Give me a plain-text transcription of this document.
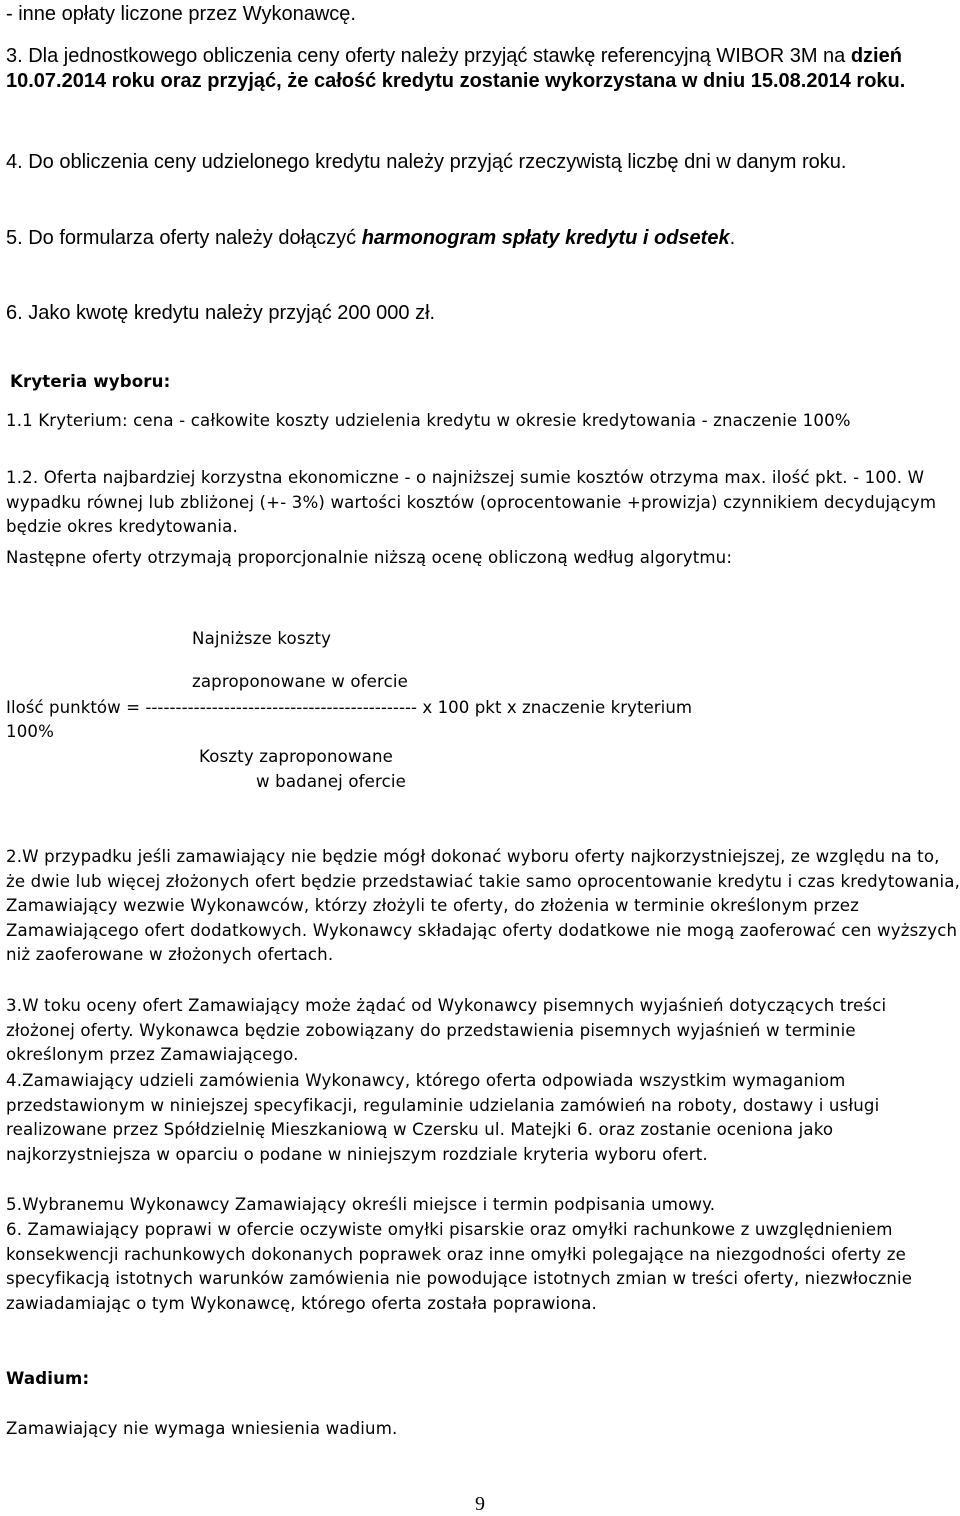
- inne opłaty liczone przez Wykonawcę.

3. Dla jednostkowego obliczenia ceny oferty należy przyjąć stawkę referencyjną WIBOR 3M na dzień 10.07.2014 roku oraz przyjąć, że całość kredytu zostanie wykorzystana w dniu 15.08.2014 roku.

4. Do obliczenia ceny udzielonego kredytu należy przyjąć rzeczywistą liczbę dni w danym roku.

5. Do formularza oferty należy dołączyć harmonogram spłaty kredytu i odsetek.

6. Jako kwotę kredytu należy przyjąć 200 000 zł.

Kryteria wyboru:

1.1 Kryterium: cena - całkowite koszty udzielenia kredytu w okresie kredytowania - znaczenie 100%

1.2. Oferta najbardziej korzystna ekonomiczne - o najniższej sumie kosztów otrzyma max. ilość pkt. - 100. W wypadku równej lub zbliżonej (+- 3%) wartości kosztów (oprocentowanie +prowizja) czynnikiem decydującym będzie okres kredytowania.

Następne oferty otrzymają proporcjonalnie niższą ocenę obliczoną według algorytmu:

Najniższe koszty

zaproponowane w ofercie

Ilość punktów = --------------------------------------------- x 100 pkt x znaczenie kryterium

100%

Koszty zaproponowane

w badanej ofercie

2.W przypadku jeśli zamawiający nie będzie mógł dokonać wyboru oferty najkorzystniejszej, ze względu na to, że dwie lub więcej złożonych ofert będzie przedstawiać takie samo oprocentowanie kredytu i czas kredytowania, Zamawiający wezwie Wykonawców, którzy złożyli te oferty, do złożenia w terminie określonym przez Zamawiającego ofert dodatkowych. Wykonawcy składając oferty dodatkowe nie mogą zaoferować cen wyższych niż zaoferowane w złożonych ofertach.

3.W toku oceny ofert Zamawiający może żądać od Wykonawcy pisemnych wyjaśnień dotyczących treści złożonej oferty. Wykonawca będzie zobowiązany do przedstawienia pisemnych wyjaśnień w terminie określonym przez Zamawiającego.

4.Zamawiający udzieli zamówienia Wykonawcy, którego oferta odpowiada wszystkim wymaganiom przedstawionym w niniejszej specyfikacji, regulaminie udzielania zamówień na roboty, dostawy i usługi realizowane przez Spółdzielnię Mieszkaniową w Czersku ul. Matejki 6. oraz zostanie oceniona jako najkorzystniejsza w oparciu o podane w niniejszym rozdziale kryteria wyboru ofert.

5.Wybranemu Wykonawcy Zamawiający określi miejsce i termin podpisania umowy.

6. Zamawiający poprawi w ofercie oczywiste omyłki pisarskie oraz omyłki rachunkowe z uwzględnieniem konsekwencji rachunkowych dokonanych poprawek oraz inne omyłki polegające na niezgodności oferty ze specyfikacją istotnych warunków zamówienia nie powodujące istotnych zmian w treści oferty, niezwłocznie zawiadamiając o tym Wykonawcę, którego oferta została poprawiona.

Wadium:

Zamawiający nie wymaga wniesienia wadium.

9
